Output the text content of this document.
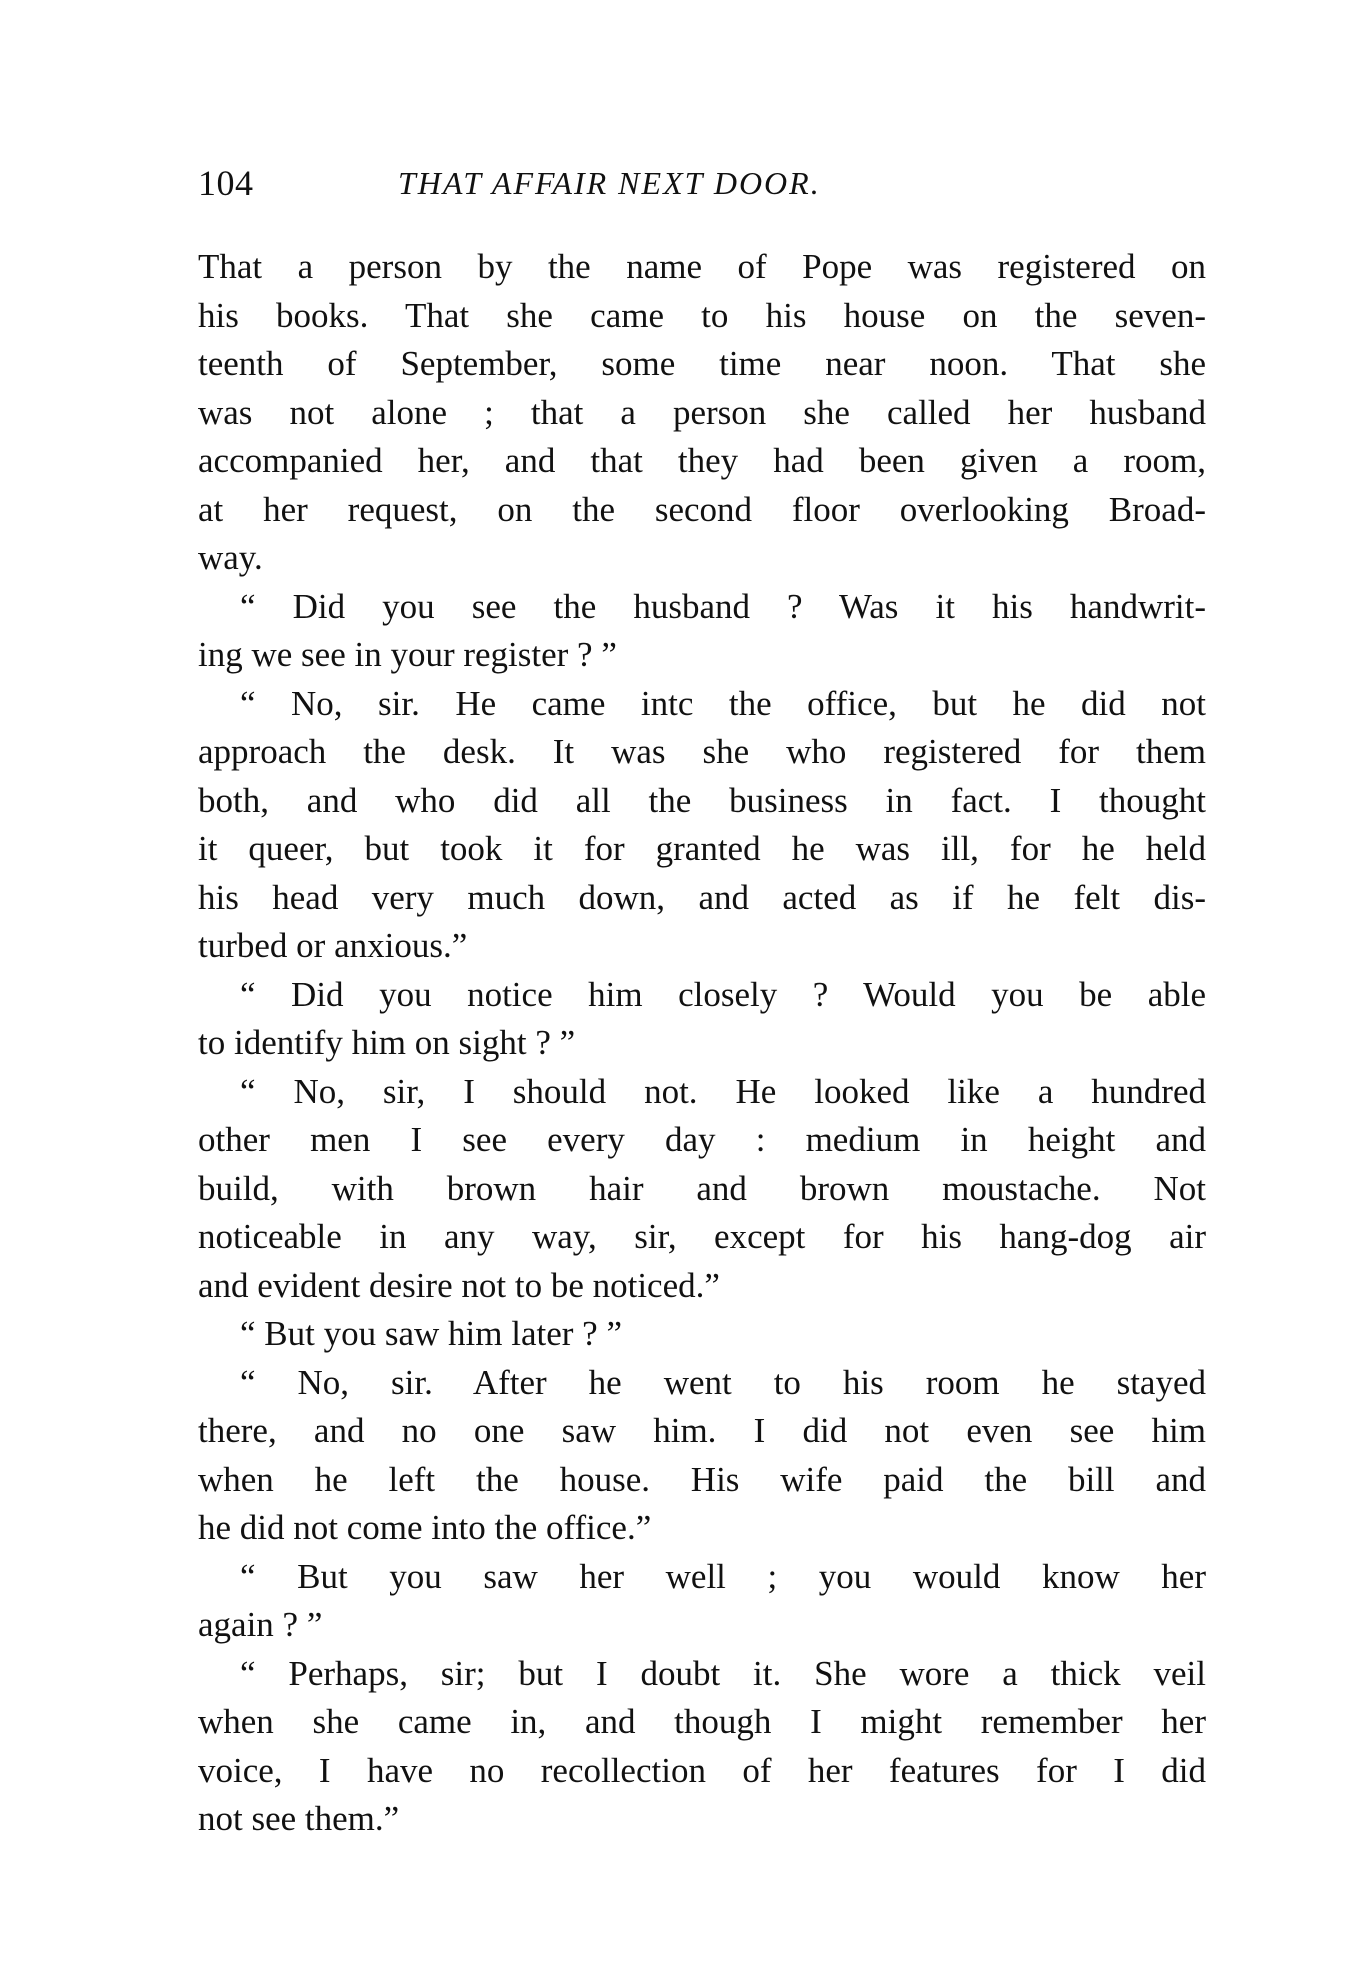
104	THAT AFFAIR NEXT DOOR.
That a person by the name of Pope was registered on
his books. That she came to his house on the seven-
teenth of September, some time near noon. That she
was not alone ; that a person she called her husband
accompanied her, and that they had been given a room,
at her request, on the second floor overlooking Broad-
way.
“ Did you see the husband ? Was it his handwrit-
ing we see in your register ? ”
“ No, sir. He came intc the office, but he did not
approach the desk. It was she who registered for them
both, and who did all the business in fact. I thought
it queer, but took it for granted he was ill, for he held
his head very much down, and acted as if he felt dis-
turbed or anxious.”
“ Did you notice him closely ? Would you be able
to identify him on sight ? ”
“ No, sir, I should not. He looked like a hundred
other men I see every day : medium in height and
build, with brown hair and brown moustache. Not
noticeable in any way, sir, except for his hang-dog air
and evident desire not to be noticed.”
“ But you saw him later ? ”
“ No, sir. After he went to his room he stayed
there, and no one saw him. I did not even see him
when he left the house. His wife paid the bill and
he did not come into the office.”
“ But you saw her well ; you would know her
again ? ”
“ Perhaps, sir; but I doubt it. She wore a thick veil
when she came in, and though I might remember her
voice, I have no recollection of her features for I did
not see them.”
